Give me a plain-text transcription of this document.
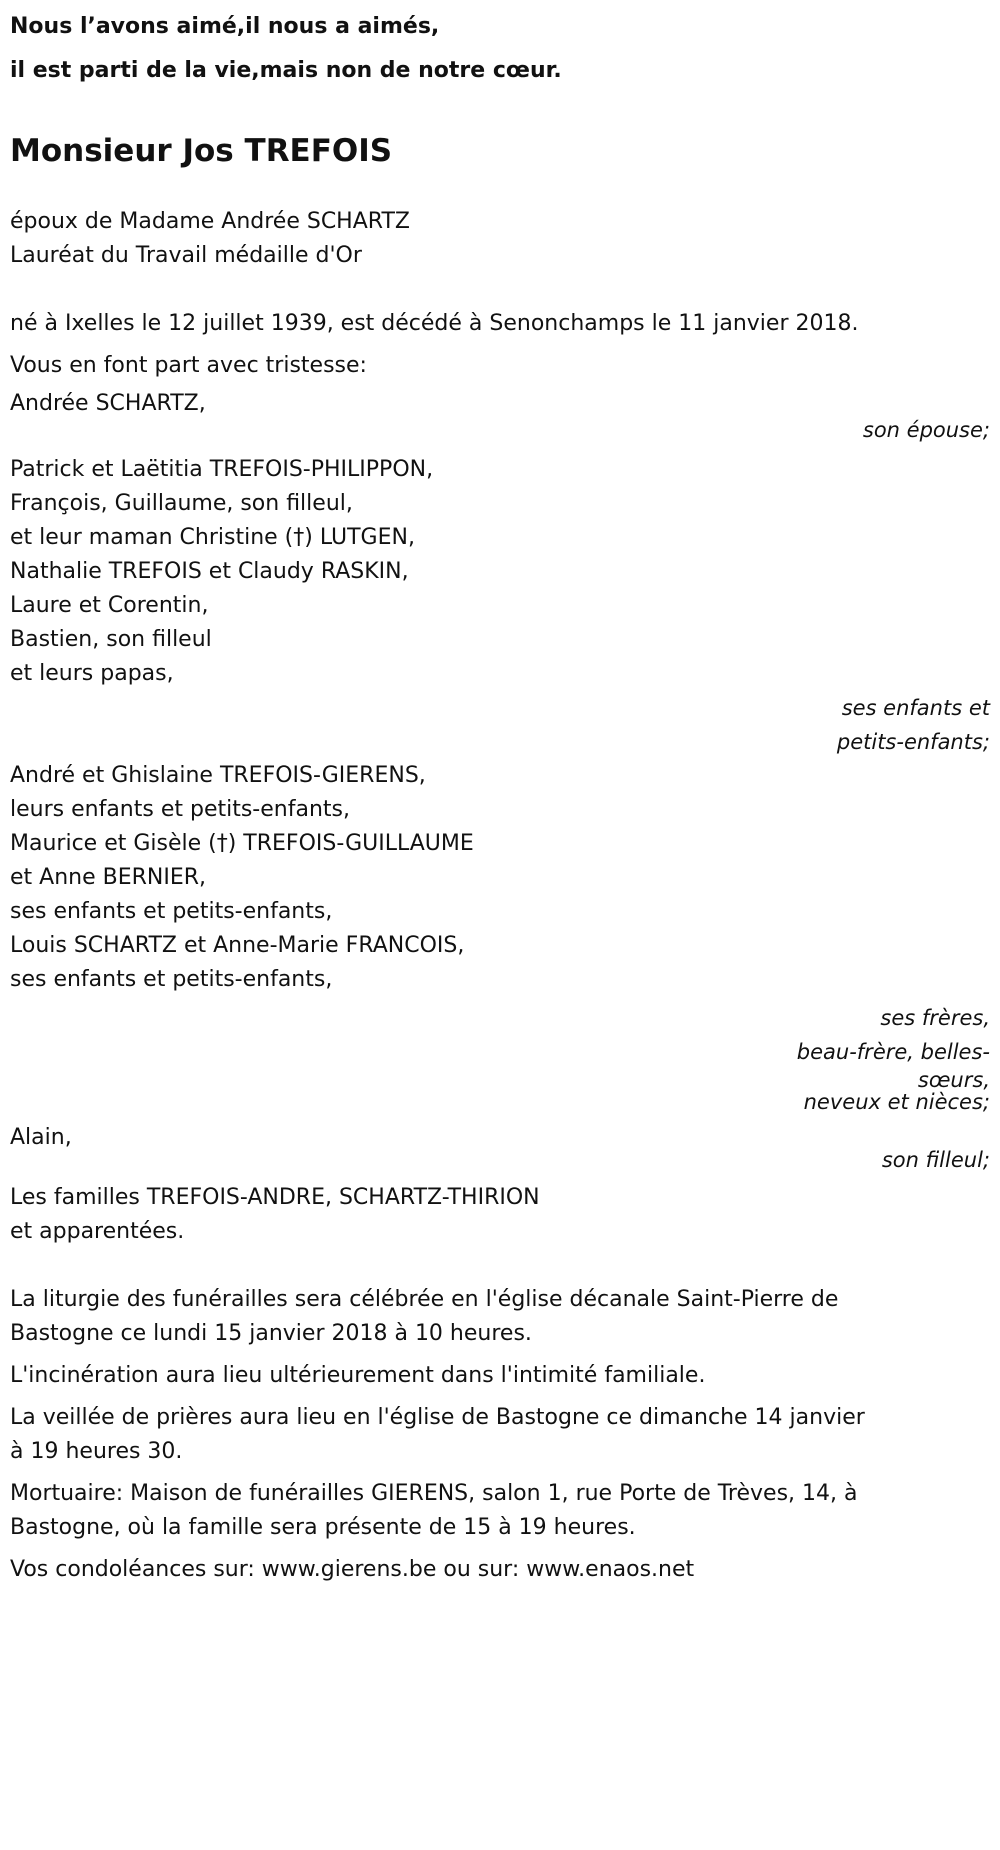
Nous l’avons aimé,il nous a aimés,

il est parti de la vie,mais non de notre cœur.

Monsieur Jos TREFOIS

époux de Madame Andrée SCHARTZ

Lauréat du Travail médaille d'Or

né à Ixelles le 12 juillet 1939, est décédé à Senonchamps le 11 janvier 2018.

Vous en font part avec tristesse:

Andrée SCHARTZ,
son épouse;
Patrick et Laëtitia TREFOIS-PHILIPPON,
François, Guillaume, son filleul,
et leur maman Christine (†) LUTGEN,
Nathalie TREFOIS et Claudy RASKIN,
Laure et Corentin,
Bastien, son filleul
et leurs papas,
ses enfants et
petits-enfants;
André et Ghislaine TREFOIS-GIERENS,
leurs enfants et petits-enfants,
Maurice et Gisèle (†) TREFOIS-GUILLAUME
et Anne BERNIER,
ses enfants et petits-enfants,
Louis SCHARTZ et Anne-Marie FRANCOIS,
ses enfants et petits-enfants,
ses frères,
beau-frère, belles-
sœurs,
neveux et nièces;
Alain,
son filleul;
Les familles TREFOIS-ANDRE, SCHARTZ-THIRION
et apparentées.

La liturgie des funérailles sera célébrée en l'église décanale Saint-Pierre de Bastogne ce lundi 15 janvier 2018 à 10 heures.

L'incinération aura lieu ultérieurement dans l'intimité familiale.

La veillée de prières aura lieu en l'église de Bastogne ce dimanche 14 janvier à 19 heures 30.

Mortuaire: Maison de funérailles GIERENS, salon 1, rue Porte de Trèves, 14, à Bastogne, où la famille sera présente de 15 à 19 heures.

Vos condoléances sur: www.gierens.be ou sur: www.enaos.net
